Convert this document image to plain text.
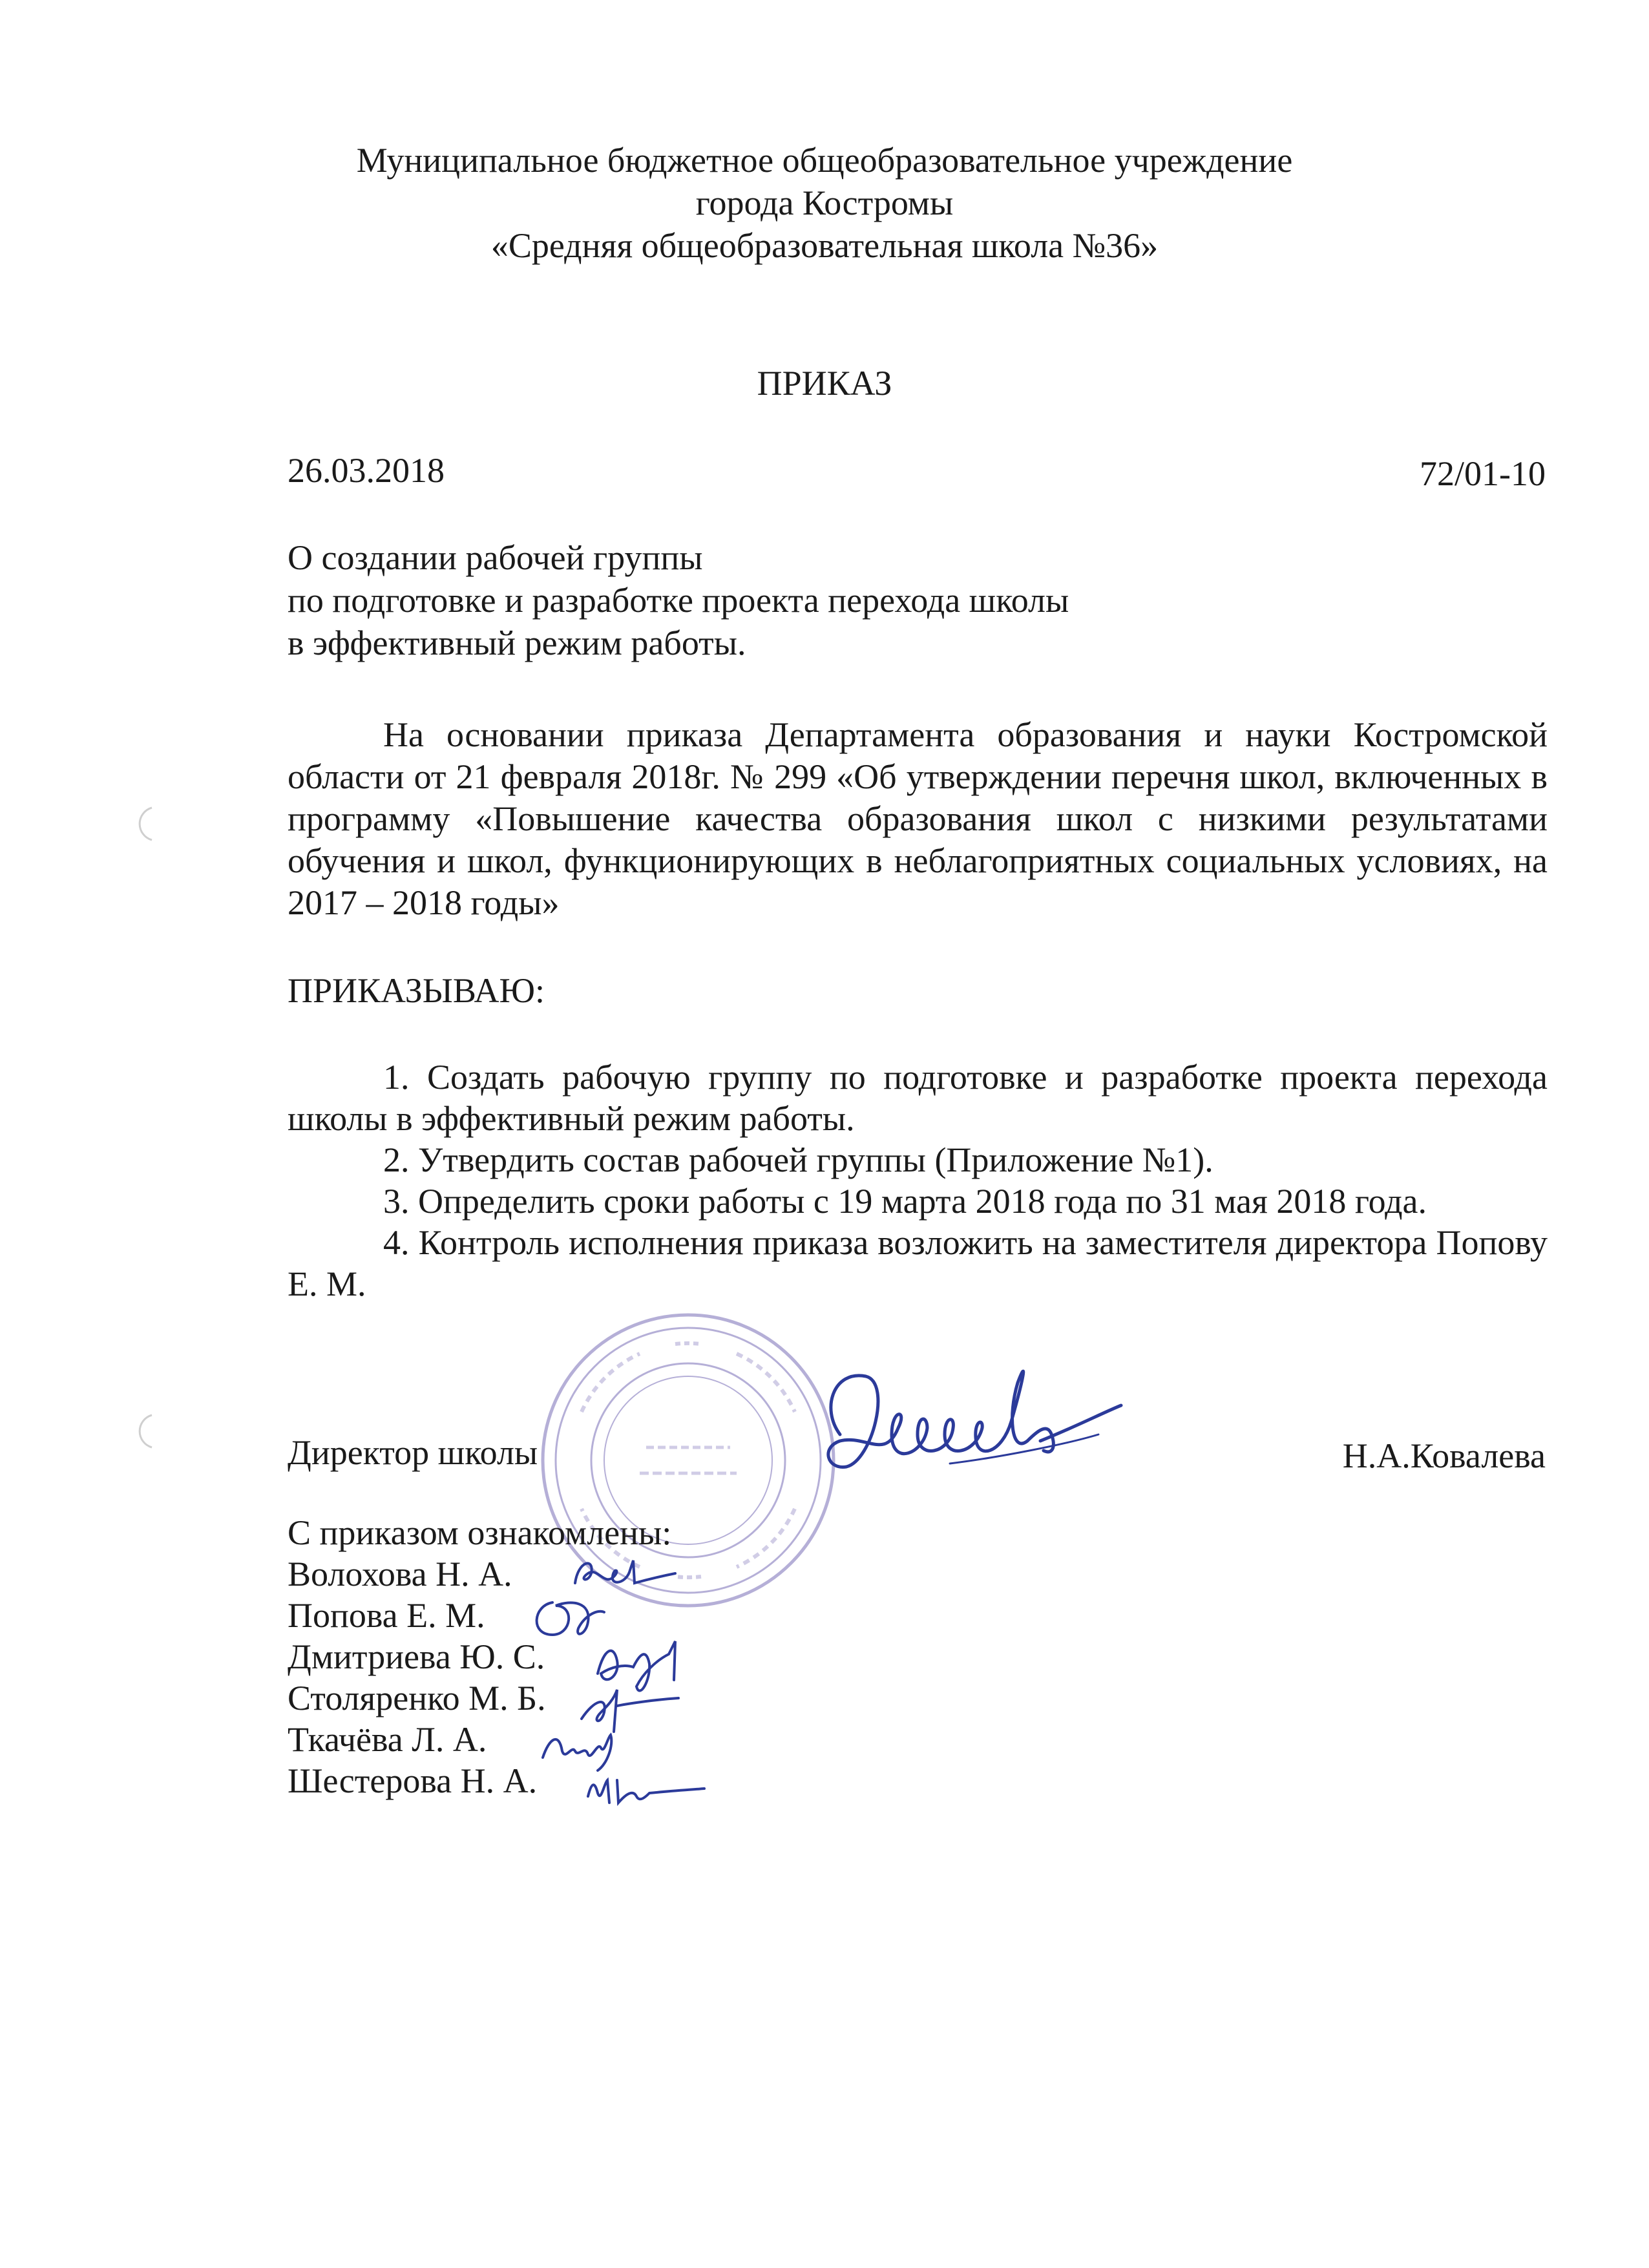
Муниципальное бюджетное общеобразовательное учреждение
города Костромы
«Средняя общеобразовательная школа №36»
ПРИКАЗ
26.03.2018	72/01-10
О создании рабочей группы
по подготовке и разработке проекта перехода школы
в эффективный режим работы.

На основании приказа Департамента образования и науки Костромской области от 21 февраля 2018г. № 299 «Об утверждении перечня школ, включенных в программу «Повышение качества образования школ с низкими результатами обучения и школ, функционирующих в неблагоприятных социальных условиях, на 2017 – 2018 годы»

ПРИКАЗЫВАЮ:

1. Создать рабочую группу по подготовке и разработке проекта перехода школы в эффективный режим работы.

2. Утвердить состав рабочей группы (Приложение №1).

3. Определить сроки работы с 19 марта 2018 года по 31 мая 2018 года.

4. Контроль исполнения приказа возложить на заместителя директора Попову Е. М.

Директор школы	Н.А.Ковалева
С приказом ознакомлены:
Волохова Н. А.
Попова Е. М.
Дмитриева Ю. С.
Столяренко М. Б.
Ткачёва Л. А.
Шестерова Н. А.
